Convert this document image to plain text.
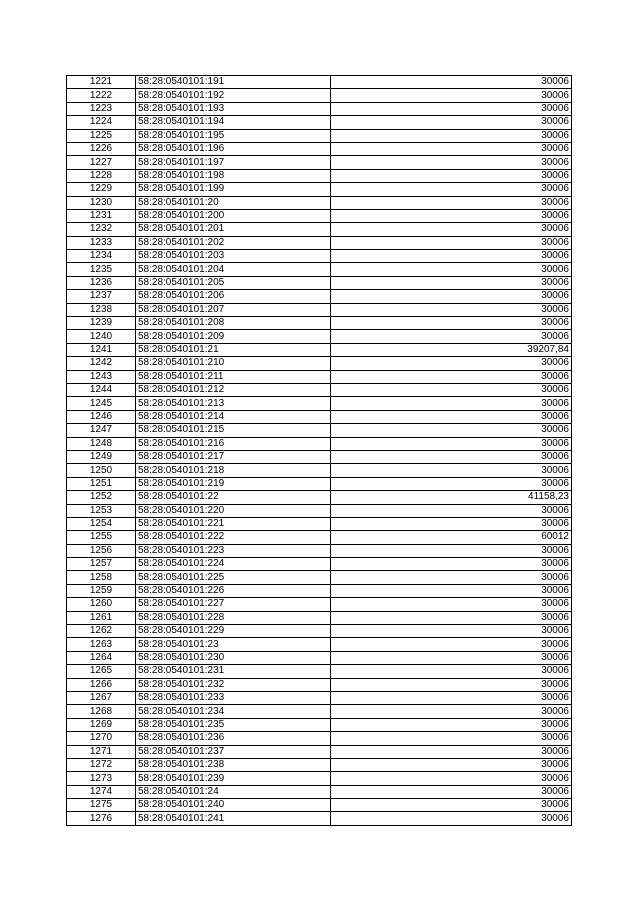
1221	58:28:0540101:191	30006
1222	58:28:0540101:192	30006
1223	58:28:0540101:193	30006
1224	58:28:0540101:194	30006
1225	58:28:0540101:195	30006
1226	58:28:0540101:196	30006
1227	58:28:0540101:197	30006
1228	58:28:0540101:198	30006
1229	58:28:0540101:199	30006
1230	58:28:0540101:20	30006
1231	58:28:0540101:200	30006
1232	58:28:0540101:201	30006
1233	58:28:0540101:202	30006
1234	58:28:0540101:203	30006
1235	58:28:0540101:204	30006
1236	58:28:0540101:205	30006
1237	58:28:0540101:206	30006
1238	58:28:0540101:207	30006
1239	58:28:0540101:208	30006
1240	58:28:0540101:209	30006
1241	58:28:0540101:21	39207,84
1242	58:28:0540101:210	30006
1243	58:28:0540101:211	30006
1244	58:28:0540101:212	30006
1245	58:28:0540101:213	30006
1246	58:28:0540101:214	30006
1247	58:28:0540101:215	30006
1248	58:28:0540101:216	30006
1249	58:28:0540101:217	30006
1250	58:28:0540101:218	30006
1251	58:28:0540101:219	30006
1252	58:28:0540101:22	41158,23
1253	58:28:0540101:220	30006
1254	58:28:0540101:221	30006
1255	58:28:0540101:222	60012
1256	58:28:0540101:223	30006
1257	58:28:0540101:224	30006
1258	58:28:0540101:225	30006
1259	58:28:0540101:226	30006
1260	58:28:0540101:227	30006
1261	58:28:0540101:228	30006
1262	58:28:0540101:229	30006
1263	58:28:0540101:23	30006
1264	58:28:0540101:230	30006
1265	58:28:0540101:231	30006
1266	58:28:0540101:232	30006
1267	58:28:0540101:233	30006
1268	58:28:0540101:234	30006
1269	58:28:0540101:235	30006
1270	58:28:0540101:236	30006
1271	58:28:0540101:237	30006
1272	58:28:0540101:238	30006
1273	58:28:0540101:239	30006
1274	58:28:0540101:24	30006
1275	58:28:0540101:240	30006
1276	58:28:0540101:241	30006
